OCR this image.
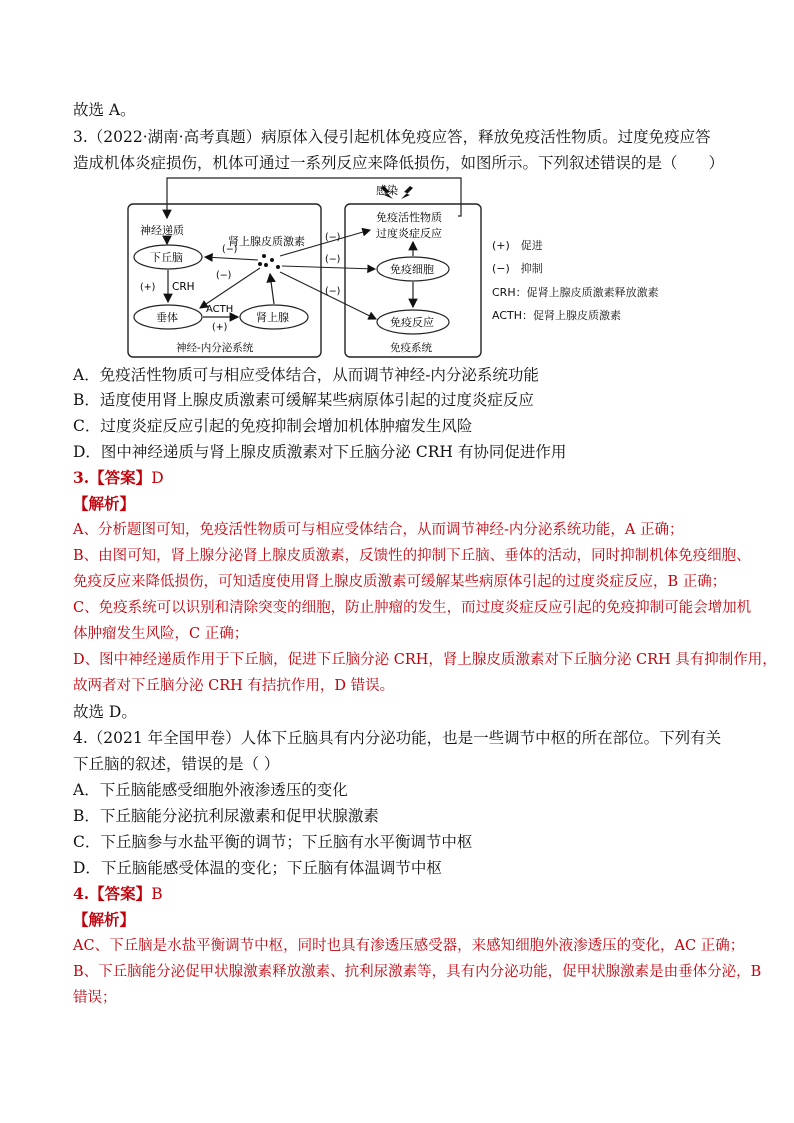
故选 A。
3.（2022·湖南·高考真题）病原体入侵引起机体免疫应答，释放免疫活性物质。过度免疫应答
造成机体炎症损伤，机体可通过一系列反应来降低损伤，如图所示。下列叙述错误的是（　　）
感染
免疫活性物质
过度炎症反应
免疫细胞
免疫反应
免疫系统
神经递质
下丘脑
肾上腺皮质激素
(−)
(−)
(−)
(−)
(−)
(+) CRH
垂体
ACTH
(+)
肾上腺
神经-内分泌系统
(+)　促进
(−)　抑制
CRH：促肾上腺皮质激素释放激素
ACTH：促肾上腺皮质激素
A．免疫活性物质可与相应受体结合，从而调节神经-内分泌系统功能
B．适度使用肾上腺皮质激素可缓解某些病原体引起的过度炎症反应
C．过度炎症反应引起的免疫抑制会增加机体肿瘤发生风险
D．图中神经递质与肾上腺皮质激素对下丘脑分泌 CRH 有协同促进作用
3.【答案】D
【解析】
A、分析题图可知，免疫活性物质可与相应受体结合，从而调节神经-内分泌系统功能，A 正确；
B、由图可知，肾上腺分泌肾上腺皮质激素，反馈性的抑制下丘脑、垂体的活动，同时抑制机体免疫细胞、
免疫反应来降低损伤，可知适度使用肾上腺皮质激素可缓解某些病原体引起的过度炎症反应，B 正确；
C、免疫系统可以识别和清除突变的细胞，防止肿瘤的发生，而过度炎症反应引起的免疫抑制可能会增加机
体肿瘤发生风险，C 正确；
D、图中神经递质作用于下丘脑，促进下丘脑分泌 CRH，肾上腺皮质激素对下丘脑分泌 CRH 具有抑制作用，
故两者对下丘脑分泌 CRH 有拮抗作用，D 错误。
故选 D。
4.（2021 年全国甲卷）人体下丘脑具有内分泌功能，也是一些调节中枢的所在部位。下列有关
下丘脑的叙述，错误的是（ ）
A．下丘脑能感受细胞外液渗透压的变化
B．下丘脑能分泌抗利尿激素和促甲状腺激素
C．下丘脑参与水盐平衡的调节；下丘脑有水平衡调节中枢
D．下丘脑能感受体温的变化；下丘脑有体温调节中枢
4.【答案】B
【解析】
AC、下丘脑是水盐平衡调节中枢，同时也具有渗透压感受器，来感知细胞外液渗透压的变化，AC 正确；
B、下丘脑能分泌促甲状腺激素释放激素、抗利尿激素等，具有内分泌功能，促甲状腺激素是由垂体分泌，B
错误；
